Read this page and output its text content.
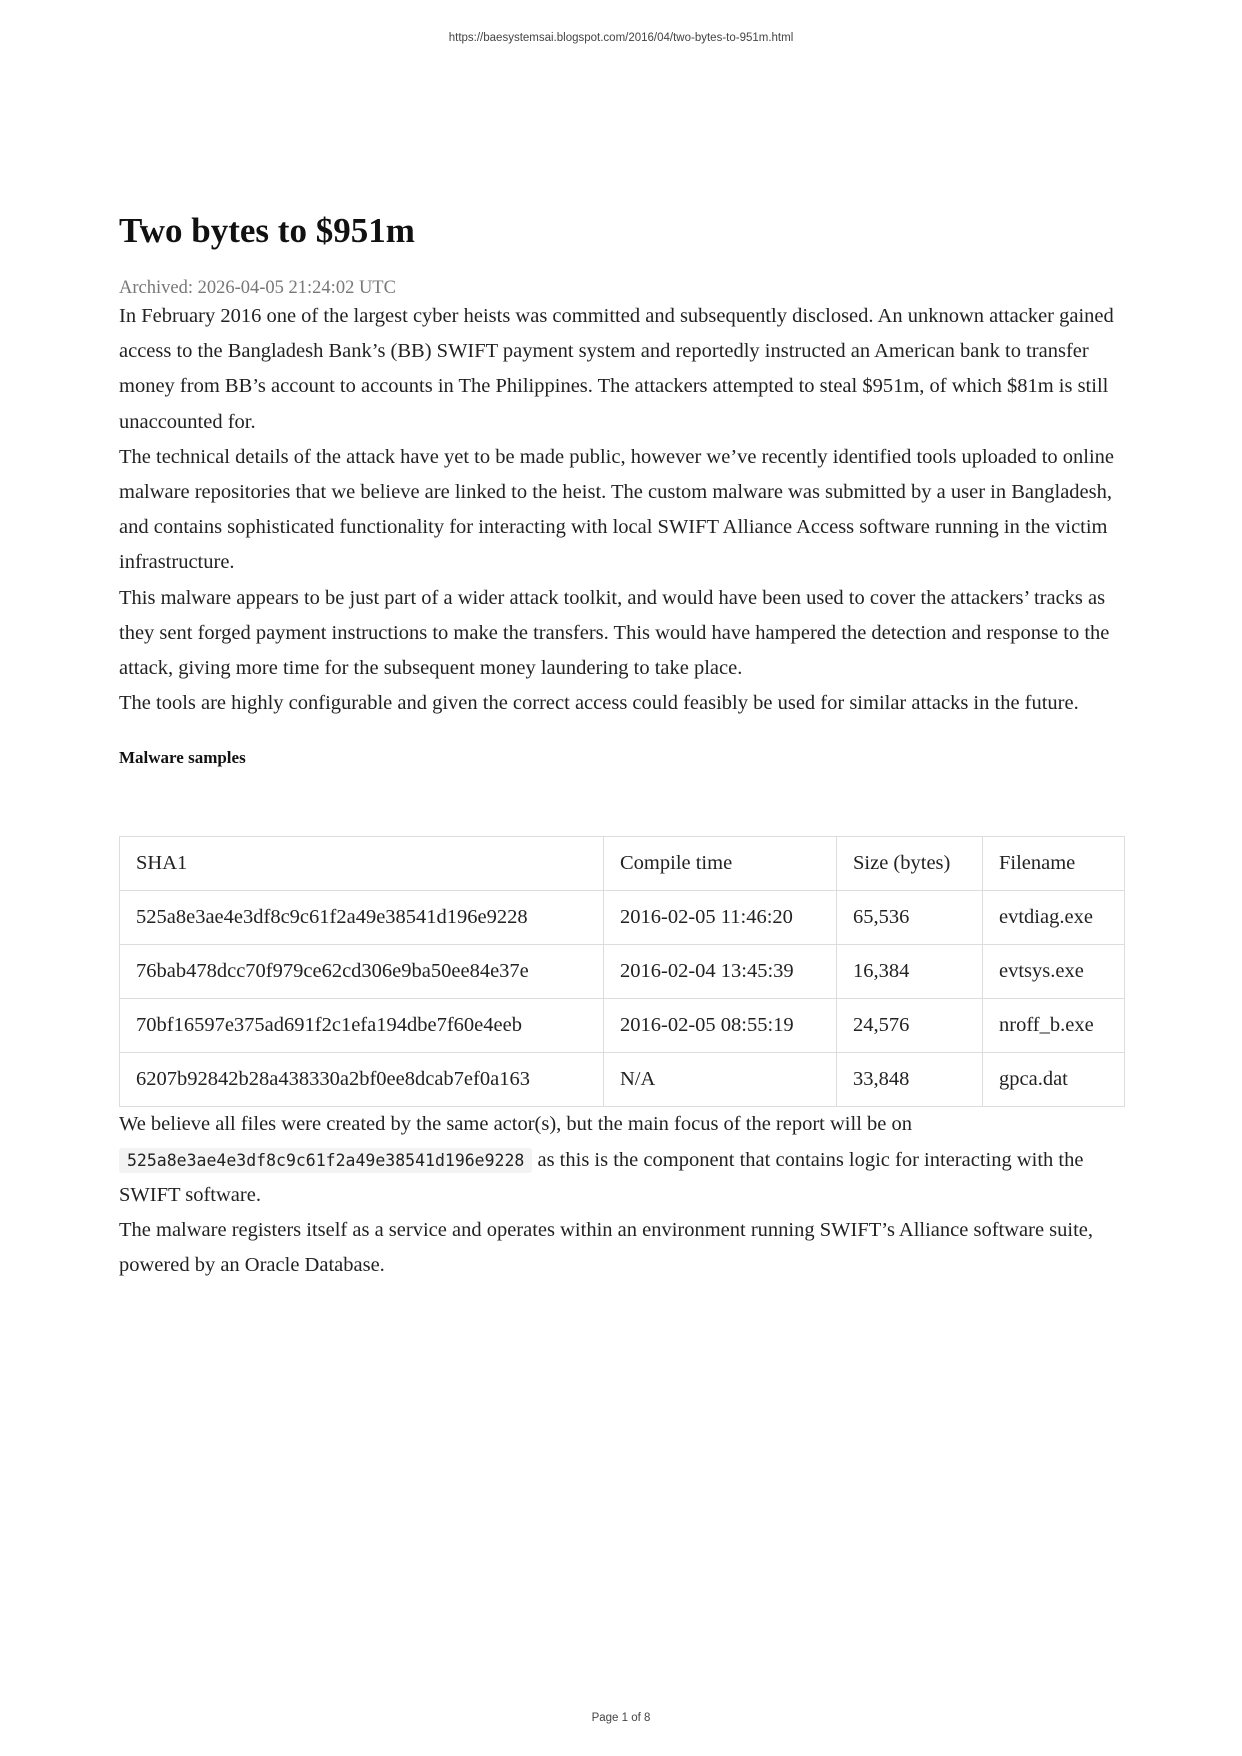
https://baesystemsai.blogspot.com/2016/04/two-bytes-to-951m.html
Two bytes to $951m
Archived: 2026-04-05 21:24:02 UTC

In February 2016 one of the largest cyber heists was committed and subsequently disclosed. An unknown attacker gained access to the Bangladesh Bank’s (BB) SWIFT payment system and reportedly instructed an American bank to transfer money from BB’s account to accounts in The Philippines. The attackers attempted to steal $951m, of which $81m is still unaccounted for.

The technical details of the attack have yet to be made public, however we’ve recently identified tools uploaded to online malware repositories that we believe are linked to the heist. The custom malware was submitted by a user in Bangladesh, and contains sophisticated functionality for interacting with local SWIFT Alliance Access software running in the victim infrastructure.

This malware appears to be just part of a wider attack toolkit, and would have been used to cover the attackers’ tracks as they sent forged payment instructions to make the transfers. This would have hampered the detection and response to the attack, giving more time for the subsequent money laundering to take place.

The tools are highly configurable and given the correct access could feasibly be used for similar attacks in the future.

Malware samples
SHA1	Compile time	Size (bytes)	Filename
525a8e3ae4e3df8c9c61f2a49e38541d196e9228	2016-02-05 11:46:20	65,536	evtdiag.exe
76bab478dcc70f979ce62cd306e9ba50ee84e37e	2016-02-04 13:45:39	16,384	evtsys.exe
70bf16597e375ad691f2c1efa194dbe7f60e4eeb	2016-02-05 08:55:19	24,576	nroff_b.exe
6207b92842b28a438330a2bf0ee8dcab7ef0a163	N/A	33,848	gpca.dat

We believe all files were created by the same actor(s), but the main focus of the report will be on 525a8e3ae4e3df8c9c61f2a49e38541d196e9228 as this is the component that contains logic for interacting with the SWIFT software.

The malware registers itself as a service and operates within an environment running SWIFT’s Alliance software suite, powered by an Oracle Database.

Page 1 of 8
